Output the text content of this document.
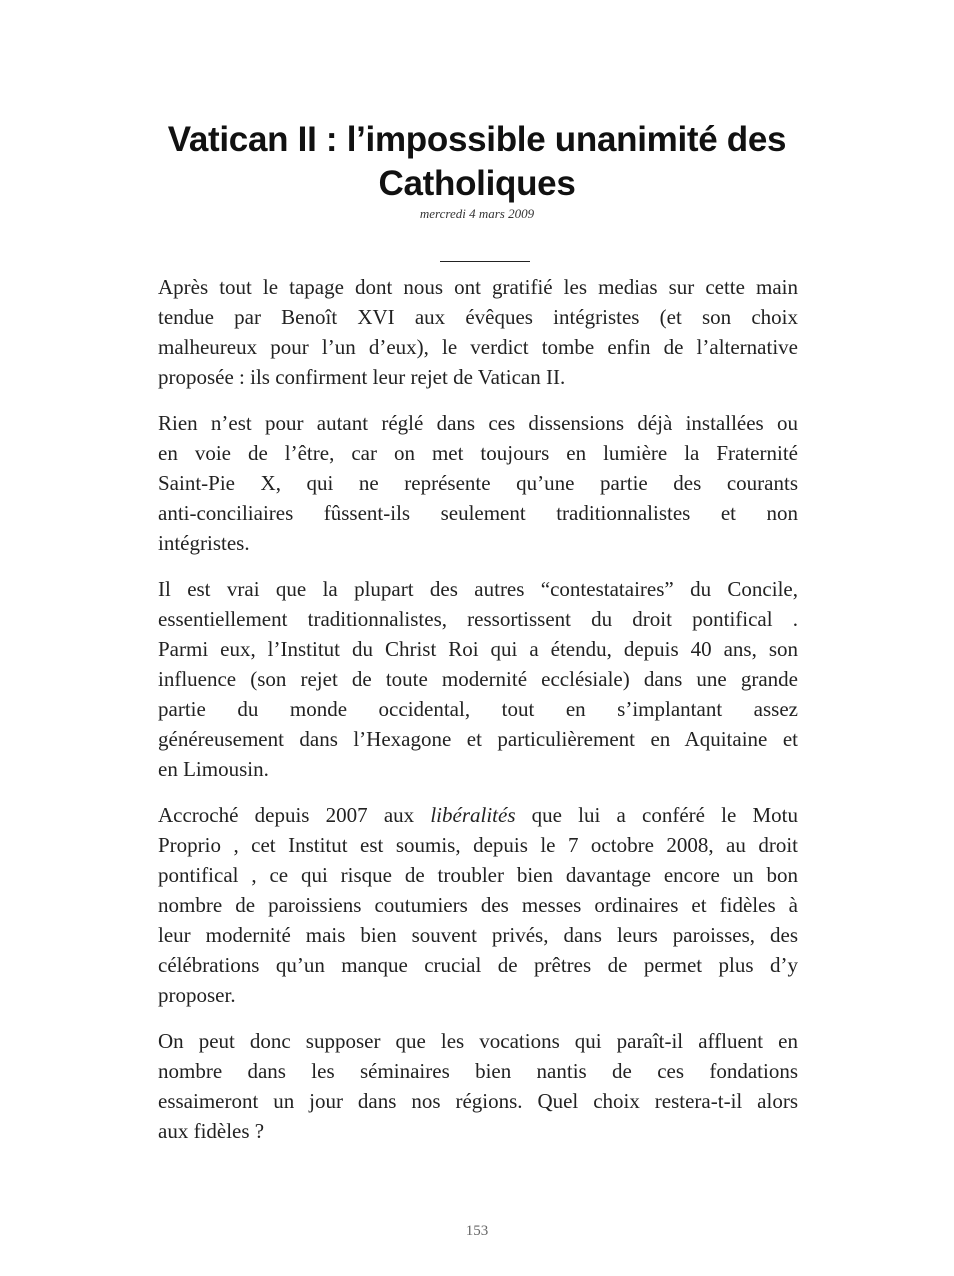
Vatican II : l’impossible unanimité des
Catholiques
mercredi 4 mars 2009
Après tout le tapage dont nous ont gratifié les medias sur cette main
tendue par Benoît XVI aux évêques intégristes (et son choix
malheureux pour l’un d’eux), le verdict tombe enfin de l’alternative
proposée : ils confirment leur rejet de Vatican II.
Rien n’est pour autant réglé dans ces dissensions déjà installées ou
en voie de l’être, car on met toujours en lumière la Fraternité
Saint-Pie X, qui ne représente qu’une partie des courants
anti-conciliaires fûssent-ils seulement traditionnalistes et non
intégristes.
Il est vrai que la plupart des autres “contestataires” du Concile,
essentiellement traditionnalistes, ressortissent du droit pontifical .
Parmi eux, l’Institut du Christ Roi qui a étendu, depuis 40 ans, son
influence (son rejet de toute modernité ecclésiale) dans une grande
partie du monde occidental, tout en s’implantant assez
généreusement dans l’Hexagone et particulièrement en Aquitaine et
en Limousin.
Accroché depuis 2007 aux libéralités que lui a conféré le Motu
Proprio , cet Institut est soumis, depuis le 7 octobre 2008, au droit
pontifical , ce qui risque de troubler bien davantage encore un bon
nombre de paroissiens coutumiers des messes ordinaires et fidèles à
leur modernité mais bien souvent privés, dans leurs paroisses, des
célébrations qu’un manque crucial de prêtres de permet plus d’y
proposer.
On peut donc supposer que les vocations qui paraît-il affluent en
nombre dans les séminaires bien nantis de ces fondations
essaimeront un jour dans nos régions. Quel choix restera-t-il alors
aux fidèles ?
153
